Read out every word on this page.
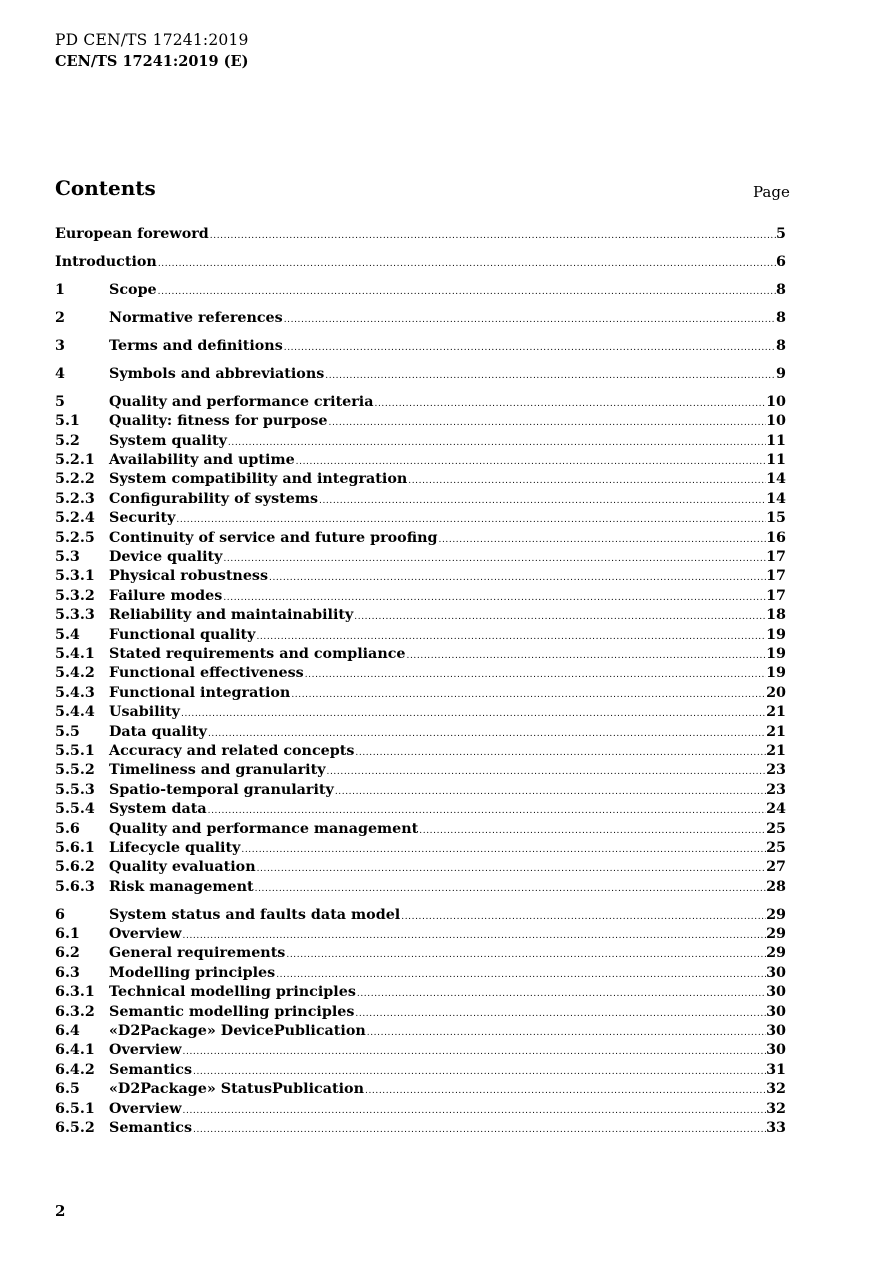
PD CEN/TS 17241:2019
CEN/TS 17241:2019 (E)
Contents	Page
European foreword .....	5
Introduction .....	6
1	Scope .....	8
2	Normative references .....	8
3	Terms and definitions .....	8
4	Symbols and abbreviations .....	9
5	Quality and performance criteria .....	10
5.1	Quality: fitness for purpose .....	10
5.2	System quality .....	11
5.2.1 Availability and uptime .....	11
5.2.2 System compatibility and integration .....	14
5.2.3 Configurability of systems .....	14
5.2.4 Security .....	15
5.2.5 Continuity of service and future proofing .....	16
5.3	Device quality .....	17
5.3.1 Physical robustness .....	17
5.3.2 Failure modes .....	17
5.3.3 Reliability and maintainability .....	18
5.4	Functional quality .....	19
5.4.1 Stated requirements and compliance .....	19
5.4.2 Functional effectiveness .....	19
5.4.3 Functional integration .....	20
5.4.4 Usability .....	21
5.5	Data quality .....	21
5.5.1 Accuracy and related concepts .....	21
5.5.2 Timeliness and granularity .....	23
5.5.3 Spatio-temporal granularity .....	23
5.5.4 System data .....	24
5.6	Quality and performance management .....	25
5.6.1 Lifecycle quality .....	25
5.6.2 Quality evaluation .....	27
5.6.3 Risk management .....	28
6	System status and faults data model .....	29
6.1	Overview .....	29
6.2	General requirements .....	29
6.3	Modelling principles .....	30
6.3.1 Technical modelling principles .....	30
6.3.2 Semantic modelling principles .....	30
6.4	«D2Package» DevicePublication .....	30
6.4.1 Overview .....	30
6.4.2 Semantics .....	31
6.5	«D2Package» StatusPublication .....	32
6.5.1 Overview .....	32
6.5.2 Semantics .....	33
2
